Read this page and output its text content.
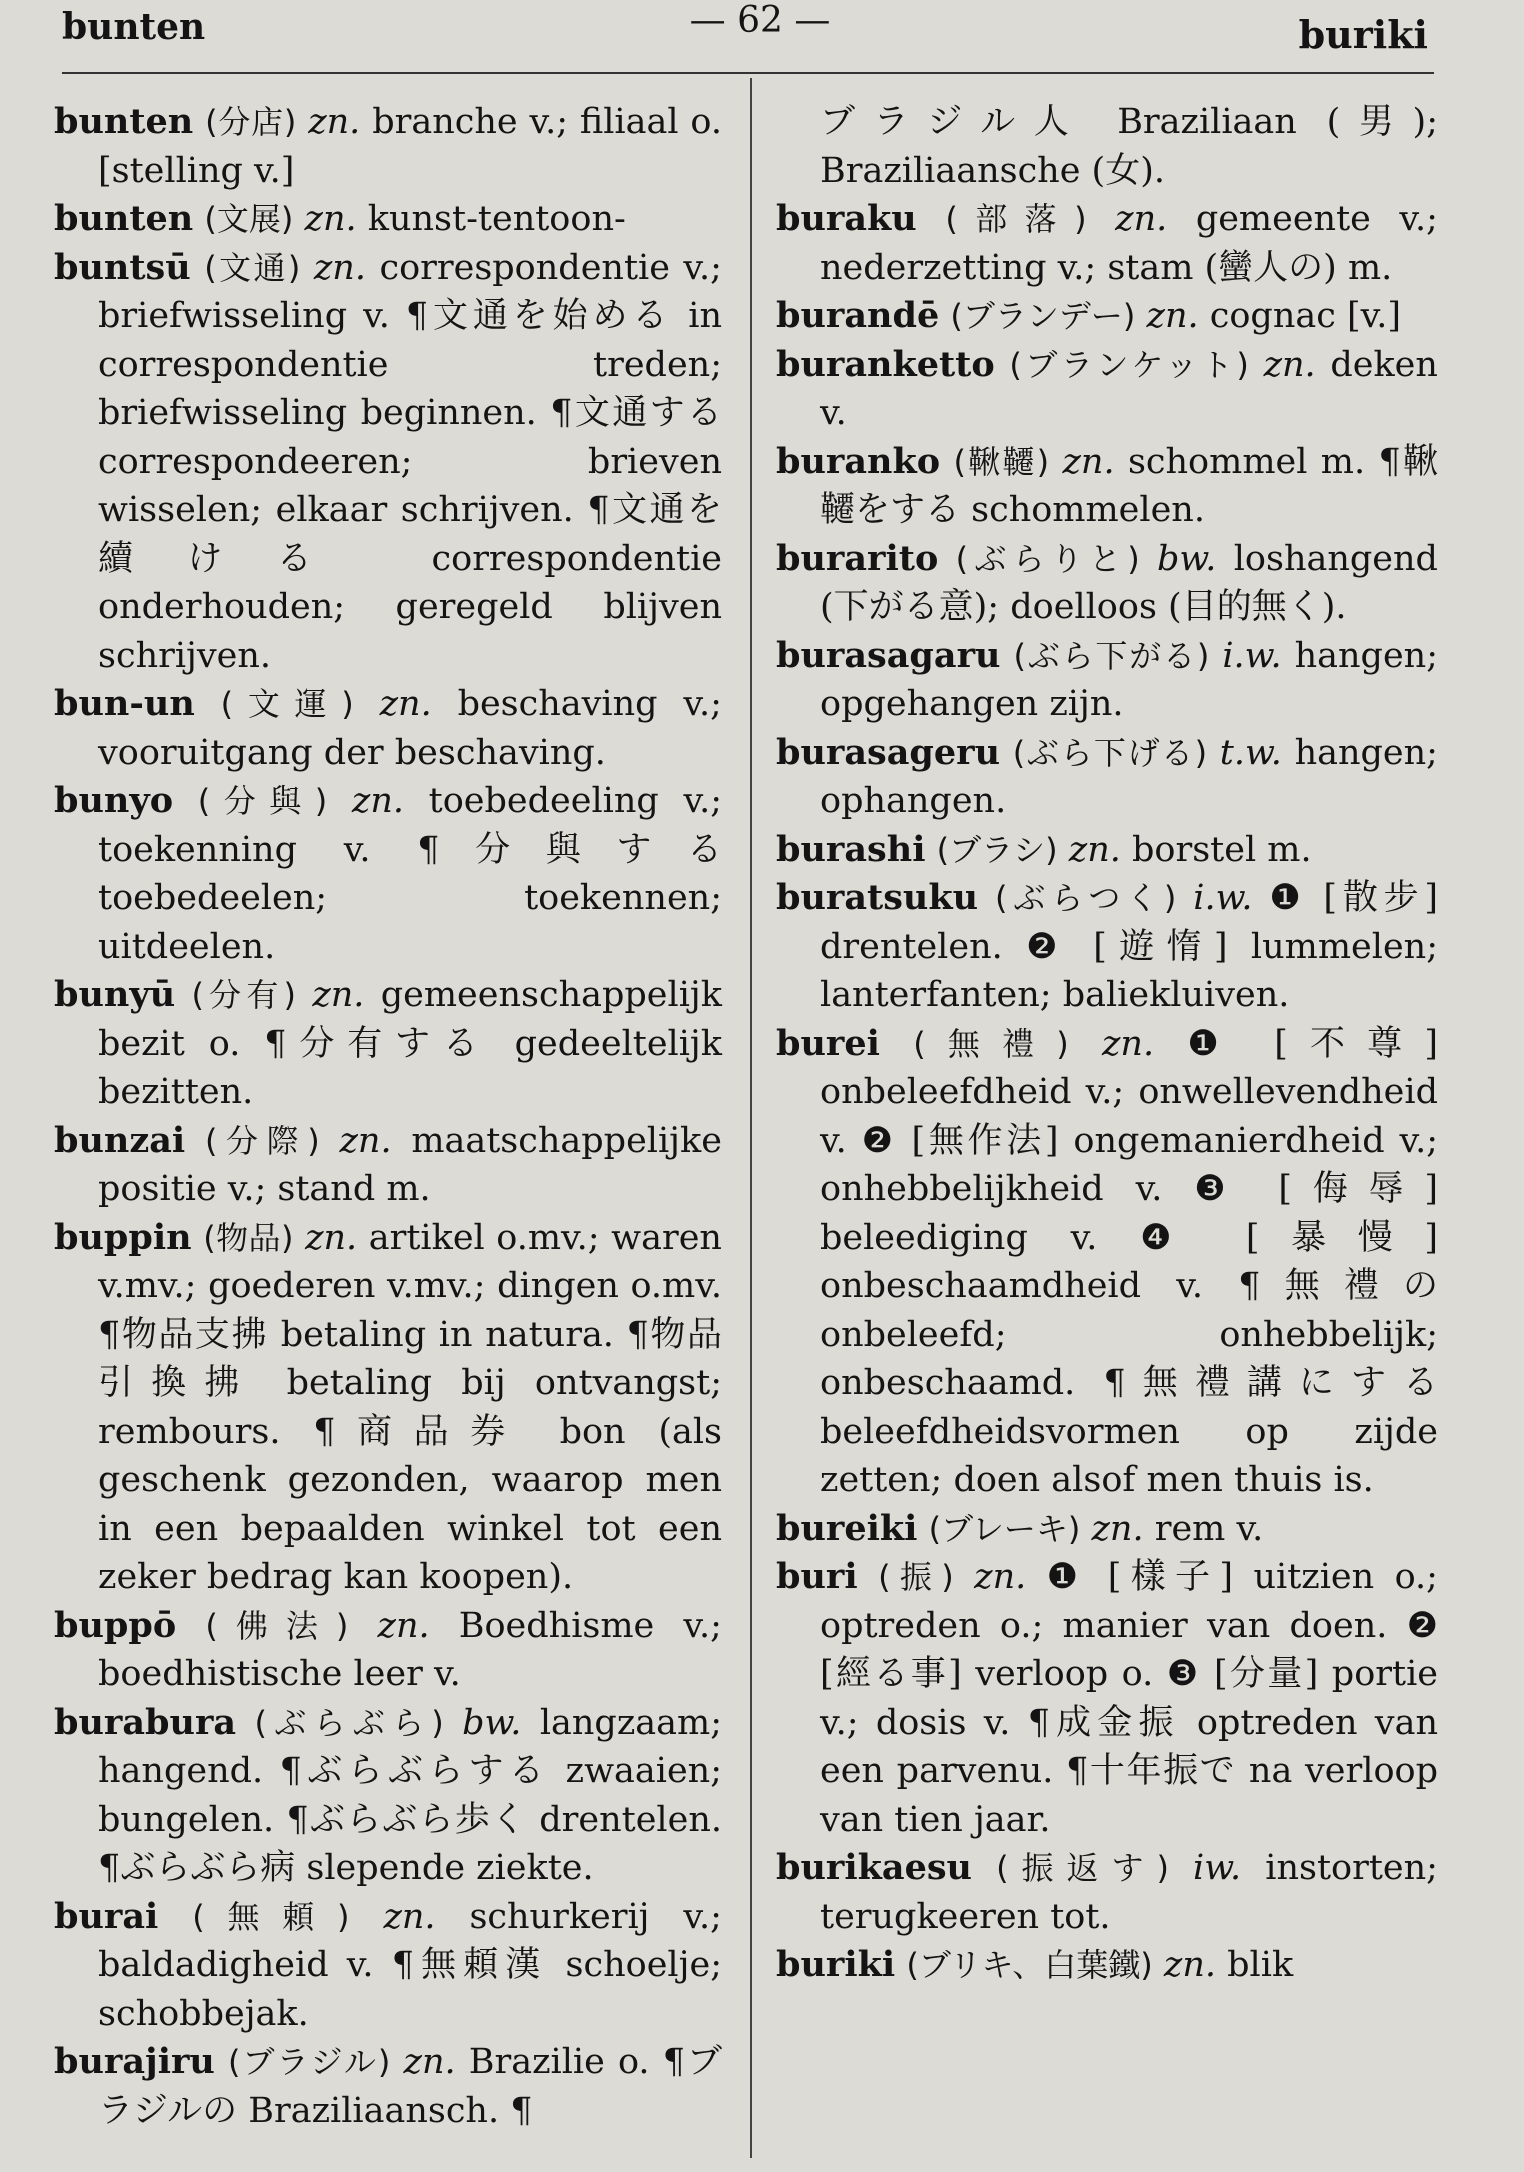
bunten	— 62 —	buriki

bunten (分店) zn. branche v.; filiaal o. [stelling v.]

bunten (文展) zn. kunst-tentoon-

buntsū (文通) zn. correspondentie v.; briefwisseling v. ¶文通を始める in correspondentie treden; briefwisseling beginnen. ¶文通する correspondeeren; brieven wisselen; elkaar schrijven. ¶文通を續ける correspondentie onderhouden; geregeld blijven schrijven.

bun-un (文運) zn. beschaving v.; vooruitgang der beschaving.

bunyo (分與) zn. toebedeeling v.; toekenning v. ¶分與する toebedeelen; toekennen; uitdeelen.

bunyū (分有) zn. gemeenschappelijk bezit o. ¶分有する gedeeltelijk bezitten.

bunzai (分際) zn. maatschappelijke positie v.; stand m.

buppin (物品) zn. artikel o.mv.; waren v.mv.; goederen v.mv.; dingen o.mv. ¶物品支拂 betaling in natura. ¶物品引換拂 betaling bij ontvangst; rembours. ¶商品券 bon (als geschenk gezonden, waarop men in een bepaalden winkel tot een zeker bedrag kan koopen).

buppō (佛法) zn. Boedhisme v.; boedhistische leer v.

burabura (ぶらぶら) bw. langzaam; hangend. ¶ぶらぶらする zwaaien; bungelen. ¶ぶらぶら歩く drentelen. ¶ぶらぶら病 slepende ziekte.

burai (無頼) zn. schurkerij v.; baldadigheid v. ¶無頼漢 schoelje; schobbejak.

burajiru (ブラジル) zn. Brazilie o. ¶ブラジルの Braziliaansch. ¶

ブラジル人 Braziliaan (男); Braziliaansche (女).

buraku (部落) zn. gemeente v.; nederzetting v.; stam (蠻人の) m.

burandē (ブランデー) zn. cognac [v.]

buranketto (ブランケット) zn. deken v.

buranko (鞦韆) zn. schommel m. ¶鞦韆をする schommelen.

burarito (ぶらりと) bw. loshangend (下がる意); doelloos (目的無く).

burasagaru (ぶら下がる) i.w. hangen; opgehangen zijn.

burasageru (ぶら下げる) t.w. hangen; ophangen.

burashi (ブラシ) zn. borstel m.

buratsuku (ぶらつく) i.w. ❶ [散步] drentelen. ❷ [遊惰] lummelen; lanterfanten; baliekluiven.

burei (無禮) zn. ❶ [不尊] onbeleefdheid v.; onwellevendheid v. ❷ [無作法] ongemanierdheid v.; onhebbelijkheid v. ❸ [侮辱] beleediging v. ❹ [暴慢] onbeschaamdheid v. ¶無禮の onbeleefd; onhebbelijk; onbeschaamd. ¶無禮講にする beleefdheidsvormen op zijde zetten; doen alsof men thuis is.

bureiki (ブレーキ) zn. rem v.

buri (振) zn. ❶ [樣子] uitzien o.; optreden o.; manier van doen. ❷ [經る事] verloop o. ❸ [分量] portie v.; dosis v. ¶成金振 optreden van een parvenu. ¶十年振で na verloop van tien jaar.

burikaesu (振返す) iw. instorten; terugkeeren tot.

buriki (ブリキ、白葉鐵) zn. blik
